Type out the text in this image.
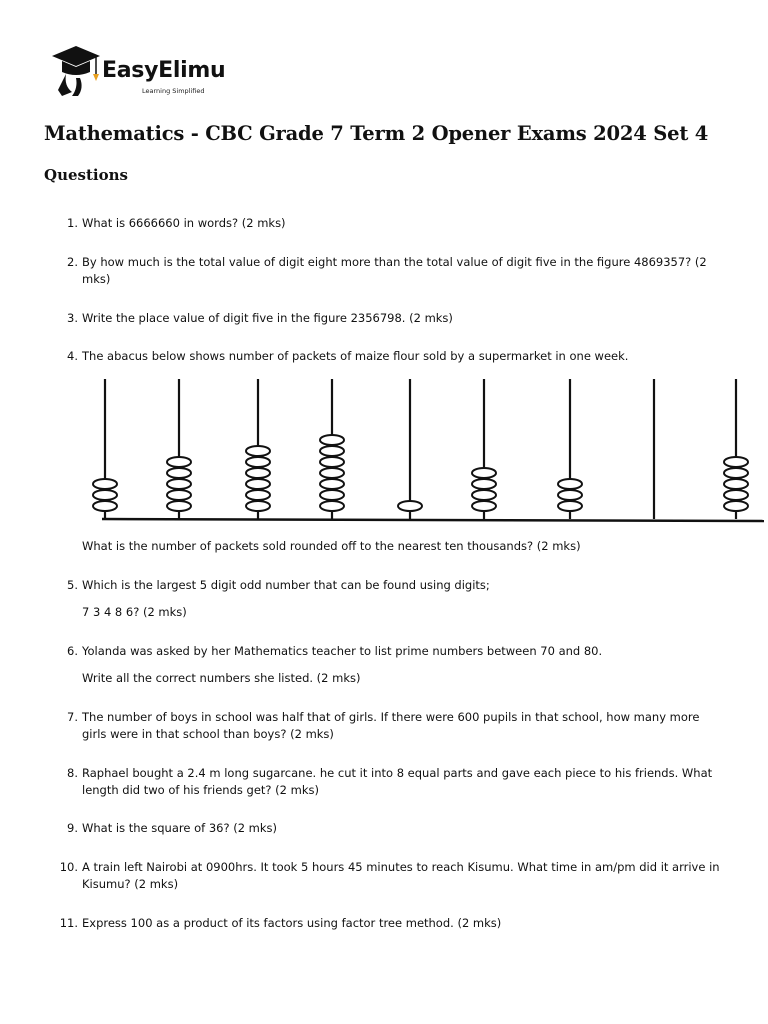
EasyElimu
Learning Simplified
Mathematics - CBC Grade 7 Term 2 Opener Exams 2024 Set 4
Questions
1. What is 6666660 in words? (2 mks)
2. By how much is the total value of digit eight more than the total value of digit five in the figure 4869357? (2 mks)
3. Write the place value of digit five in the figure 2356798. (2 mks)
4. The abacus below shows number of packets of maize flour sold by a supermarket in one week.
What is the number of packets sold rounded off to the nearest ten thousands? (2 mks)
5. Which is the largest 5 digit odd number that can be found using digits;
7 3 4 8 6? (2 mks)
6. Yolanda was asked by her Mathematics teacher to list prime numbers between 70 and 80.
Write all the correct numbers she listed. (2 mks)
7. The number of boys in school was half that of girls. If there were 600 pupils in that school, how many more girls were in that school than boys? (2 mks)
8. Raphael bought a 2.4 m long sugarcane. he cut it into 8 equal parts and gave each piece to his friends. What length did two of his friends get? (2 mks)
9. What is the square of 36? (2 mks)
10. A train left Nairobi at 0900hrs. It took 5 hours 45 minutes to reach Kisumu. What time in am/pm did it arrive in Kisumu? (2 mks)
11. Express 100 as a product of its factors using factor tree method. (2 mks)
